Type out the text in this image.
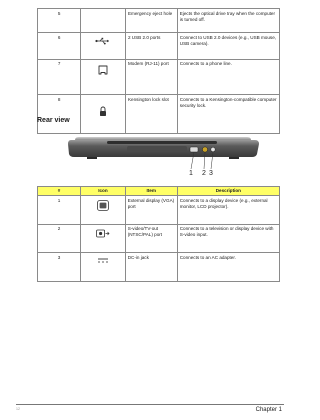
5		Emergency eject hole	Ejects the optical drive tray when the computer is turned off.
6		2 USB 2.0 ports	Connect to USB 2.0 devices (e.g., USB mouse, USB camera).
7		Modem (RJ-11) port	Connects to a phone line.
8		Kensington lock slot	Connects to a Kensington-compatible computer security lock.
Rear view
1 2 3
#	Icon	Item	Description
1		External display (VGA) port	Connects to a display device (e.g., external monitor, LCD projector).
2		S-video/TV-out (NTSC/PAL) port	Connects to a television or display device with S-video input.
3		DC-in jack	Connects to an AC adapter.
12	Chapter 1
